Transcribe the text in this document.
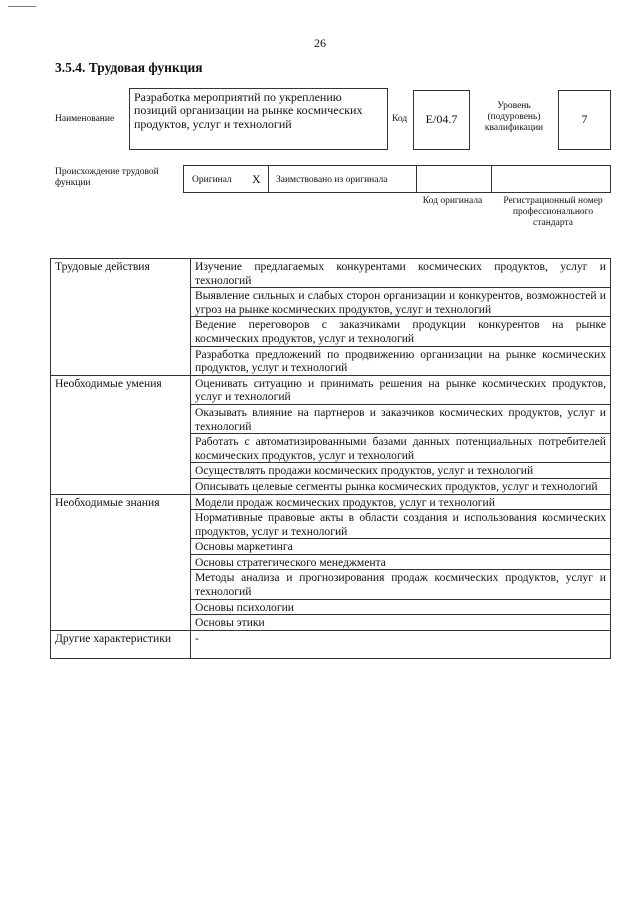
26
3.5.4. Трудовая функция
Наименование
Разработка мероприятий по укреплению позиций организации на рынке космических продуктов, услуг и технологий	Код	E/04.7
Уровень (подуровень) квалификации
7
Происхождение трудовой функции	Оригинал X Заимствовано из оригинала
Код оригинала	Регистрационный номер профессионального стандарта
Трудовые действия	Изучение предлагаемых конкурентами космических продуктов, услуг и технологий
	Выявление сильных и слабых сторон организации и конкурентов, возможностей и угроз на рынке космических продуктов, услуг и технологий
	Ведение переговоров с заказчиками продукции конкурентов на рынке космических продуктов, услуг и технологий
	Разработка предложений по продвижению организации на рынке космических продуктов, услуг и технологий
Необходимые умения	Оценивать ситуацию и принимать решения на рынке космических продуктов, услуг и технологий
	Оказывать влияние на партнеров и заказчиков космических продуктов, услуг и технологий
	Работать с автоматизированными базами данных потенциальных потребителей космических продуктов, услуг и технологий
	Осуществлять продажи космических продуктов, услуг и технологий
	Описывать целевые сегменты рынка космических продуктов, услуг и технологий
Необходимые знания	Модели продаж космических продуктов, услуг и технологий
	Нормативные правовые акты в области создания и использования космических продуктов, услуг и технологий
	Основы маркетинга
	Основы стратегического менеджмента
	Методы анализа и прогнозирования продаж космических продуктов, услуг и технологий
	Основы психологии
	Основы этики
Другие характеристики	-
